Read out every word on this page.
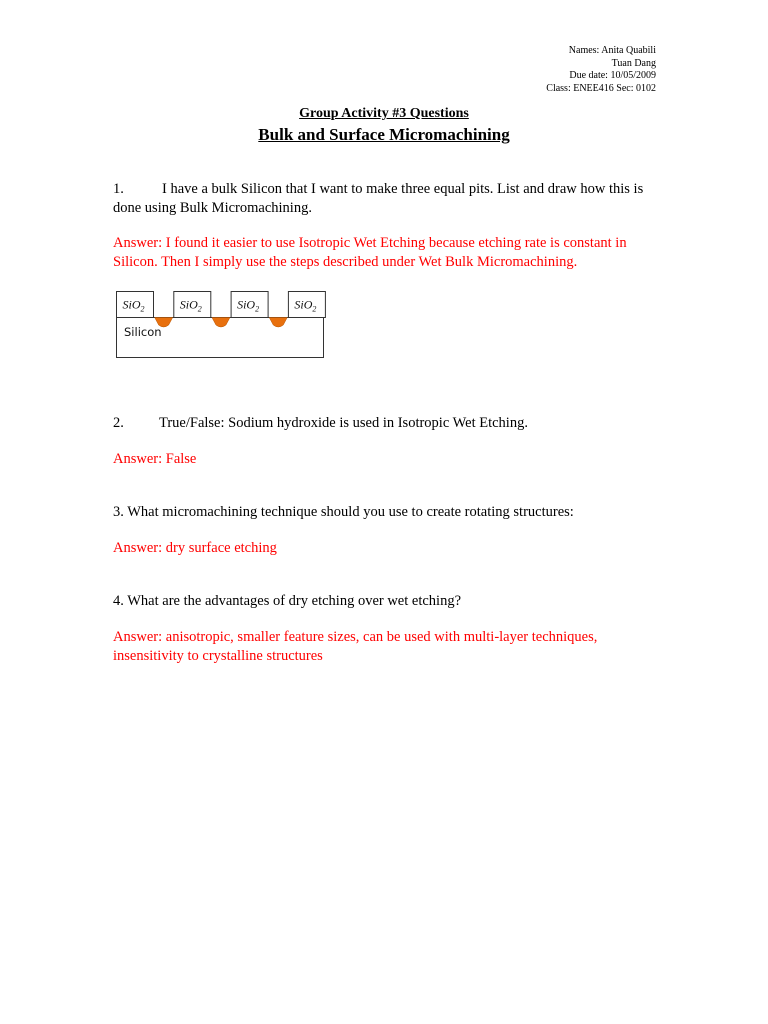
Names: Anita Quabili
Tuan Dang
Due date: 10/05/2009
Class: ENEE416 Sec: 0102
Group Activity #3 Questions
Bulk and Surface Micromachining
1.	I have a bulk Silicon that I want to make three equal pits. List and draw how this is done using Bulk Micromachining.
Answer: I found it easier to use Isotropic Wet Etching because etching rate is constant in Silicon. Then I simply use the steps described under Wet Bulk Micromachining.
SiO$_2$	SiO$_2$	SiO$_2$	SiO$_2$
Silicon
2. True/False: Sodium hydroxide is used in Isotropic Wet Etching.
Answer: False
3. What micromachining technique should you use to create rotating structures:
Answer: dry surface etching
4. What are the advantages of dry etching over wet etching?
Answer: anisotropic, smaller feature sizes, can be used with multi-layer techniques, insensitivity to crystalline structures
